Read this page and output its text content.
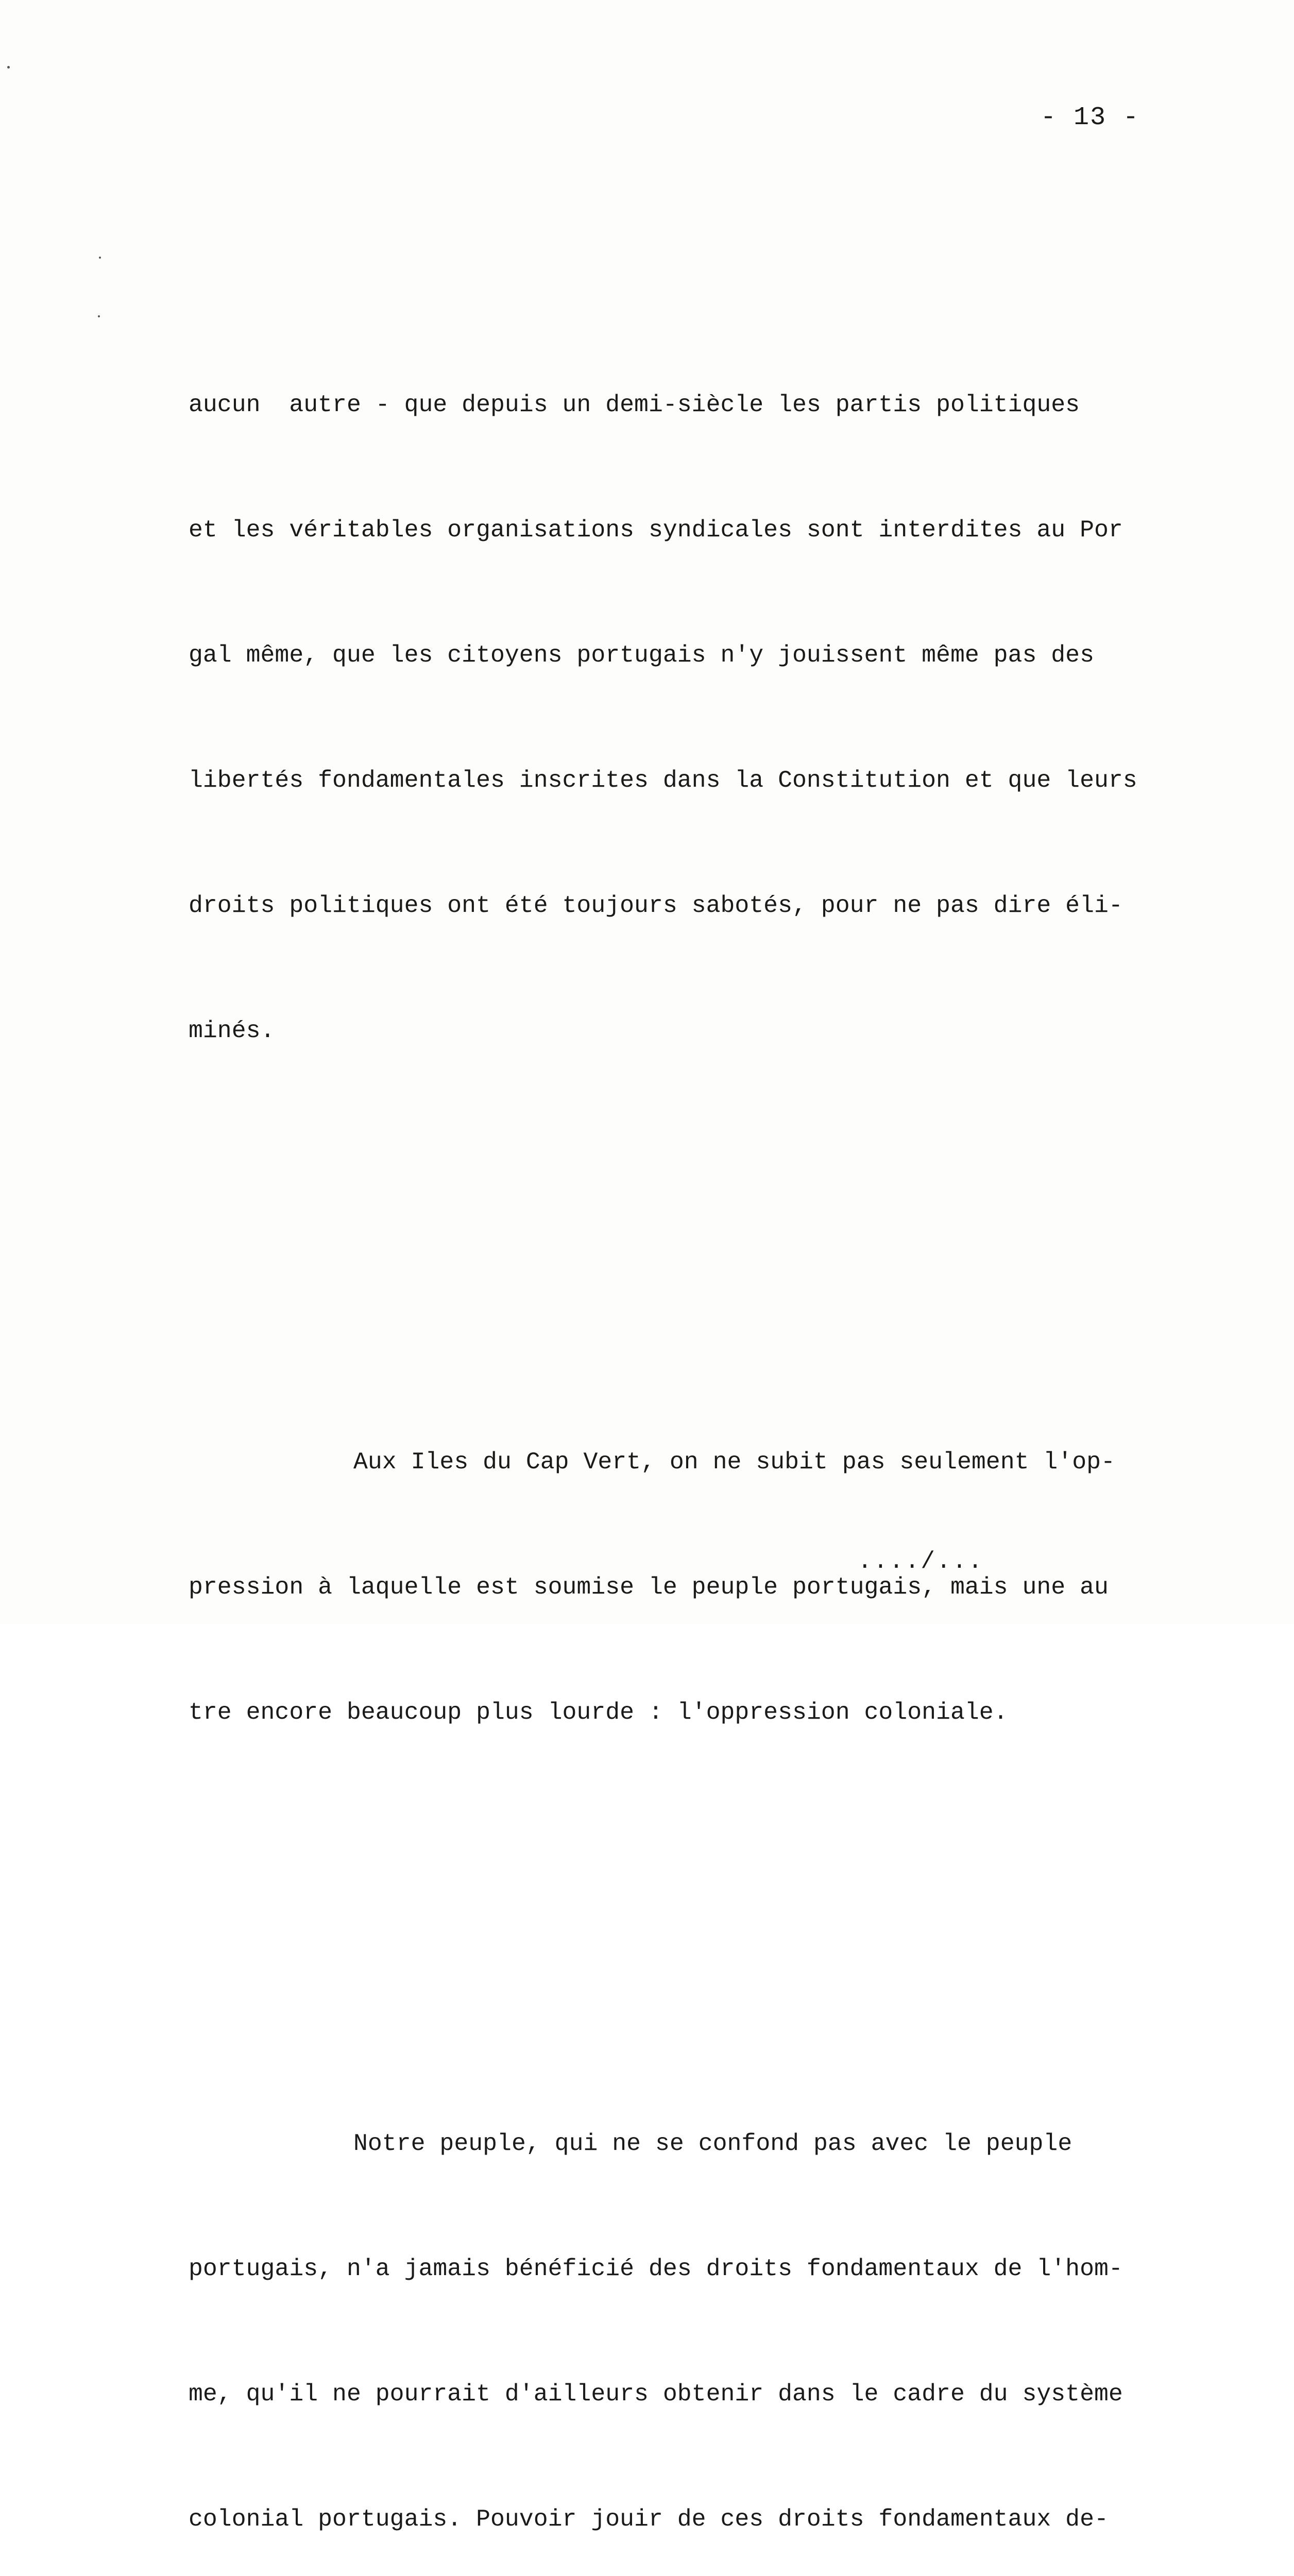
- 13 -

aucun  autre - que depuis un demi-siècle les partis politiques

et les véritables organisations syndicales sont interdites au Por

gal même, que les citoyens portugais n'y jouissent même pas des

libertés fondamentales inscrites dans la Constitution et que leurs

droits politiques ont été toujours sabotés, pour ne pas dire éli-

minés.

Aux Iles du Cap Vert, on ne subit pas seulement l'op-

pression à laquelle est soumise le peuple portugais, mais une au

tre encore beaucoup plus lourde : l'oppression coloniale.

Notre peuple, qui ne se confond pas avec le peuple

portugais, n'a jamais bénéficié des droits fondamentaux de l'hom-

me, qu'il ne pourrait d'ailleurs obtenir dans le cadre du système

colonial portugais. Pouvoir jouir de ces droits fondamentaux de-

..../...
